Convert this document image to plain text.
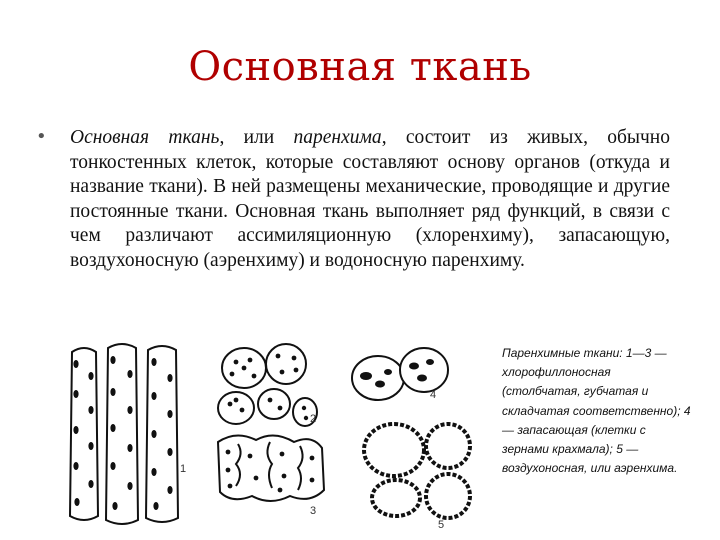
Основная ткань
• Основная ткань, или паренхима, состоит из живых, обычно тонкостенных клеток, которые составляют основу органов (откуда и название ткани). В ней размещены механические, проводящие и другие постоянные ткани. Основная ткань выполняет ряд функций, в связи с чем различают ассимиляционную (хлоренхиму), запасающую, воздухоносную (аэренхиму) и водоносную паренхиму.
1
2
3
4
5
Паренхимные ткани: 1—3 — хлорофиллоносная (столбчатая, губчатая и складчатая соответственно); 4— запасающая (клетки с зернами крахмала); 5 — воздухоносная, или аэренхима.
